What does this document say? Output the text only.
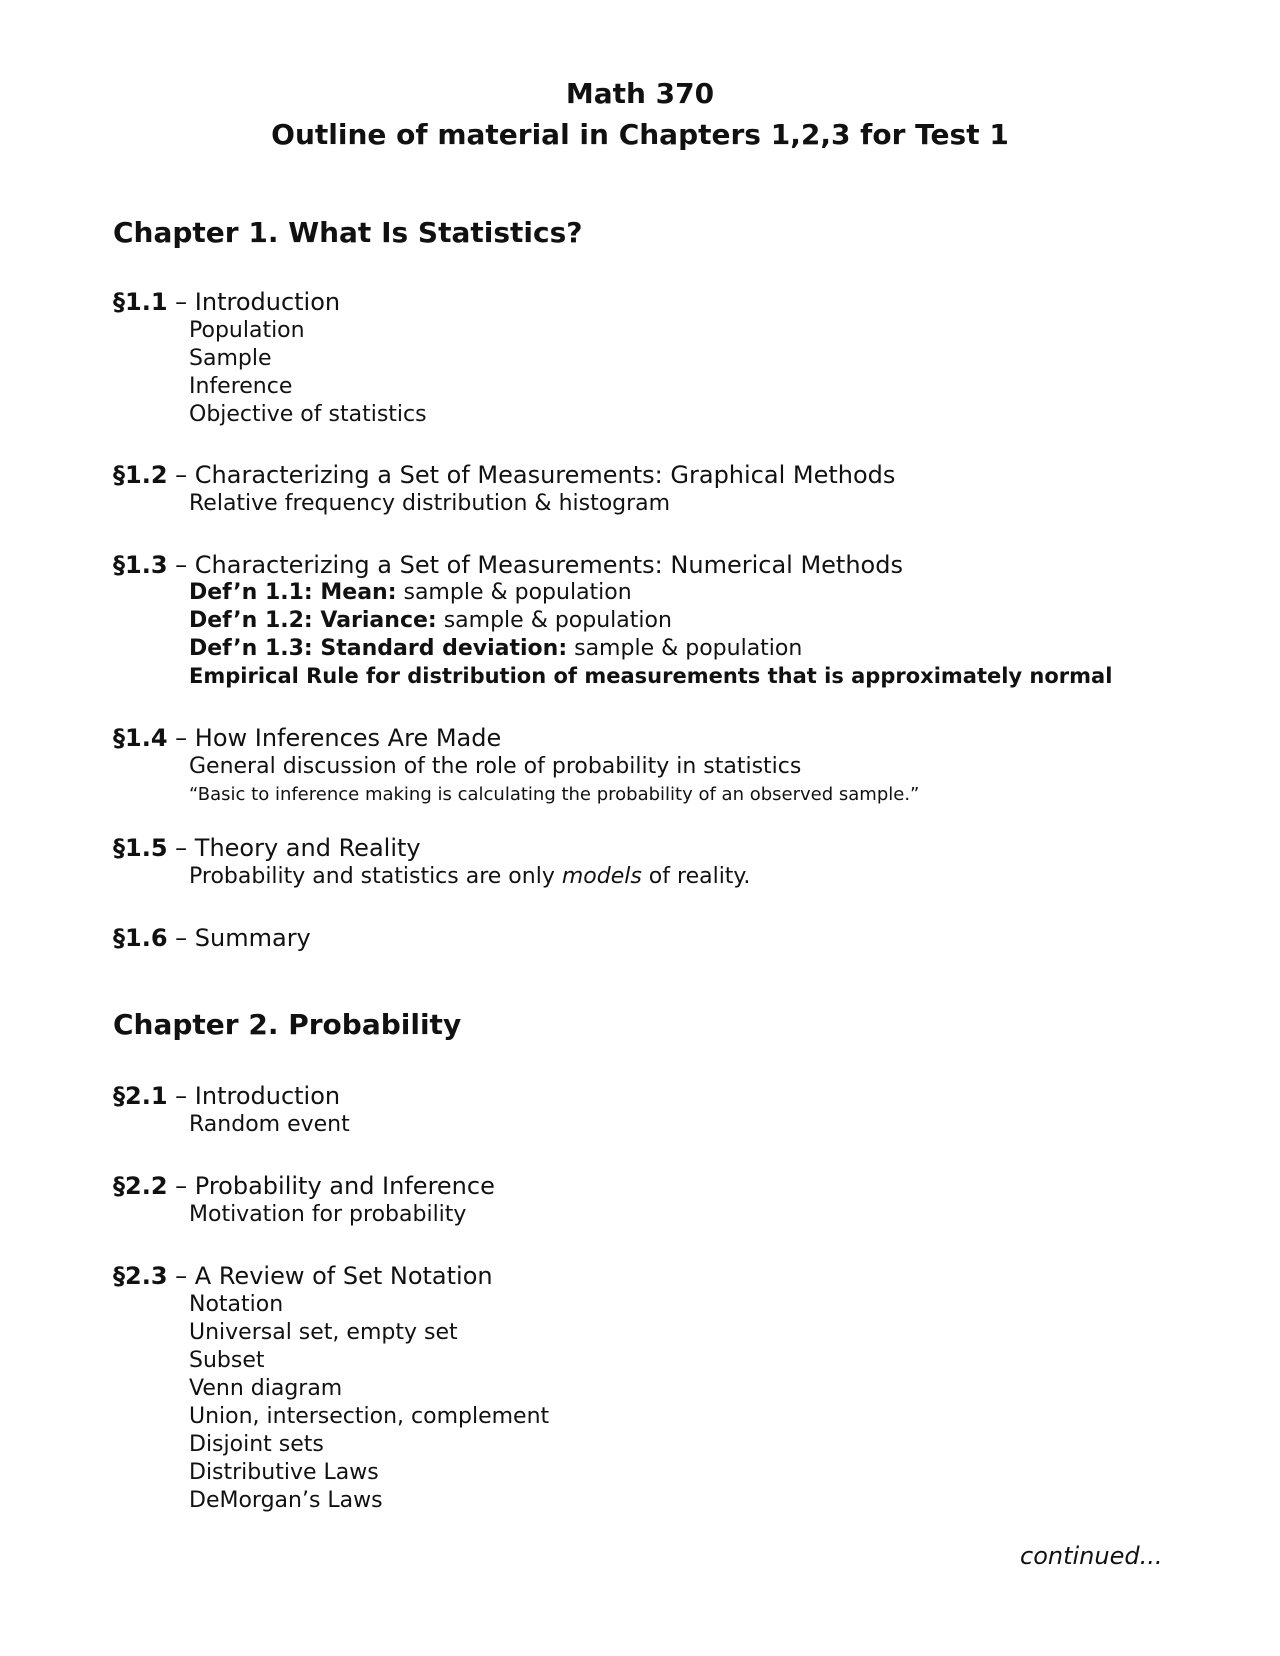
Math 370
Outline of material in Chapters 1,2,3 for Test 1
Chapter 1. What Is Statistics?
§1.1 – Introduction
Population
Sample
Inference
Objective of statistics
§1.2 – Characterizing a Set of Measurements: Graphical Methods
Relative frequency distribution & histogram
§1.3 – Characterizing a Set of Measurements: Numerical Methods
Def’n 1.1: Mean: sample & population
Def’n 1.2: Variance: sample & population
Def’n 1.3: Standard deviation: sample & population
Empirical Rule for distribution of measurements that is approximately normal
§1.4 – How Inferences Are Made
General discussion of the role of probability in statistics
“Basic to inference making is calculating the probability of an observed sample.”
§1.5 – Theory and Reality
Probability and statistics are only models of reality.
§1.6 – Summary
Chapter 2. Probability
§2.1 – Introduction
Random event
§2.2 – Probability and Inference
Motivation for probability
§2.3 – A Review of Set Notation
Notation
Universal set, empty set
Subset
Venn diagram
Union, intersection, complement
Disjoint sets
Distributive Laws
DeMorgan’s Laws
continued...
